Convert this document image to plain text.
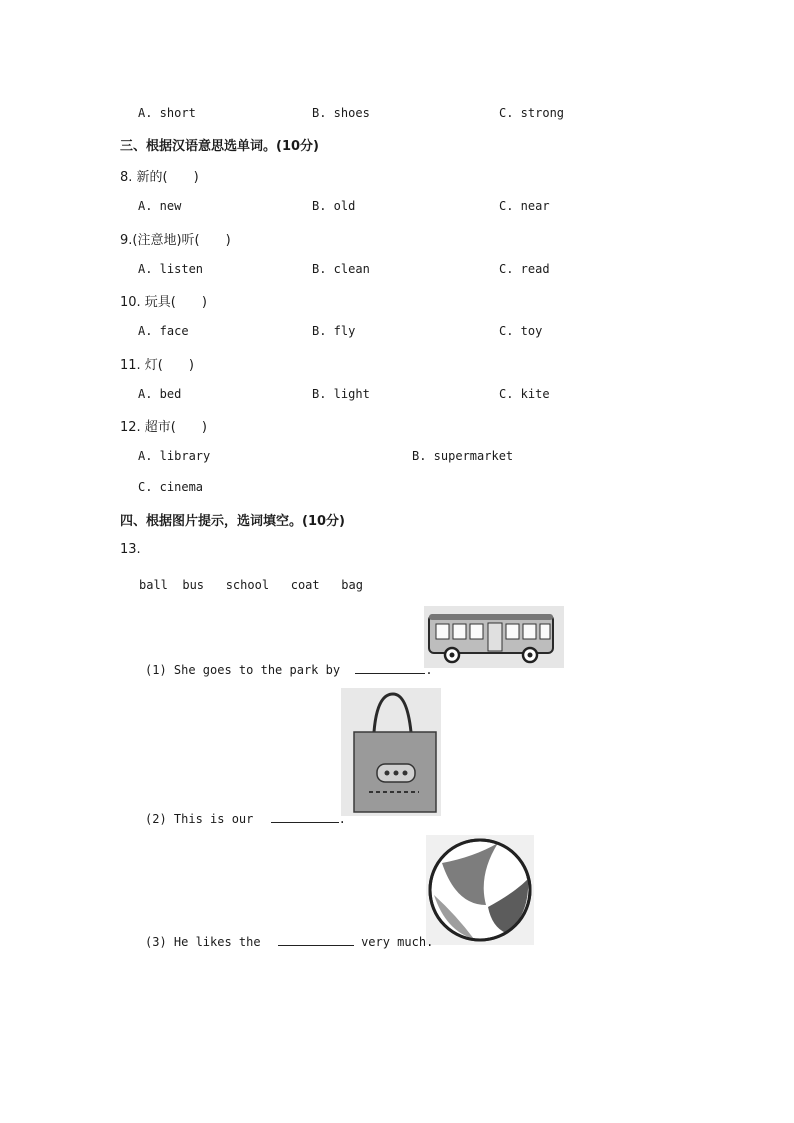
A. short	B. shoes	C. strong
三、根据汉语意思选单词。(10分)
8. 新的(　　)
A. new	B. old	C. near
9.(注意地)听(　　)
A. listen	B. clean	C. read
10. 玩具(　　)
A. face	B. fly	C. toy
11. 灯(　　)
A. bed	B. light	C. kite
12. 超市(　　)
A. library	B. supermarket
C. cinema
四、根据图片提示，选词填空。(10分)
13.
ball  bus   school   coat   bag
(1) She goes to the park by	.
(2) This is our	.
(3) He likes the	very much.
